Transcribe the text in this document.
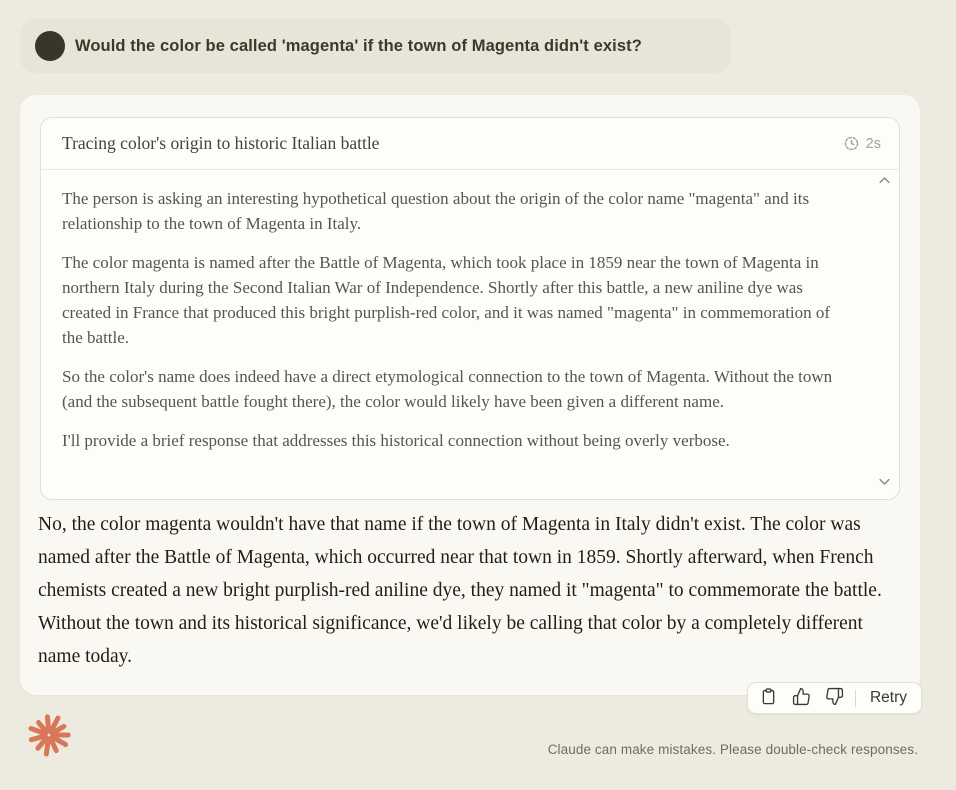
Would the color be called 'magenta' if the town of Magenta didn't exist?
Tracing color's origin to historic Italian battle	2s

The person is asking an interesting hypothetical question about the origin of the color name "magenta" and its relationship to the town of Magenta in Italy.

The color magenta is named after the Battle of Magenta, which took place in 1859 near the town of Magenta in northern Italy during the Second Italian War of Independence. Shortly after this battle, a new aniline dye was created in France that produced this bright purplish-red color, and it was named "magenta" in commemoration of the battle.

So the color's name does indeed have a direct etymological connection to the town of Magenta. Without the town (and the subsequent battle fought there), the color would likely have been given a different name.

I'll provide a brief response that addresses this historical connection without being overly verbose.

No, the color magenta wouldn't have that name if the town of Magenta in Italy didn't exist. The color was named after the Battle of Magenta, which occurred near that town in 1859. Shortly afterward, when French chemists created a new bright purplish-red aniline dye, they named it "magenta" to commemorate the battle. Without the town and its historical significance, we'd likely be calling that color by a completely different name today.
Retry
Claude can make mistakes. Please double-check responses.
